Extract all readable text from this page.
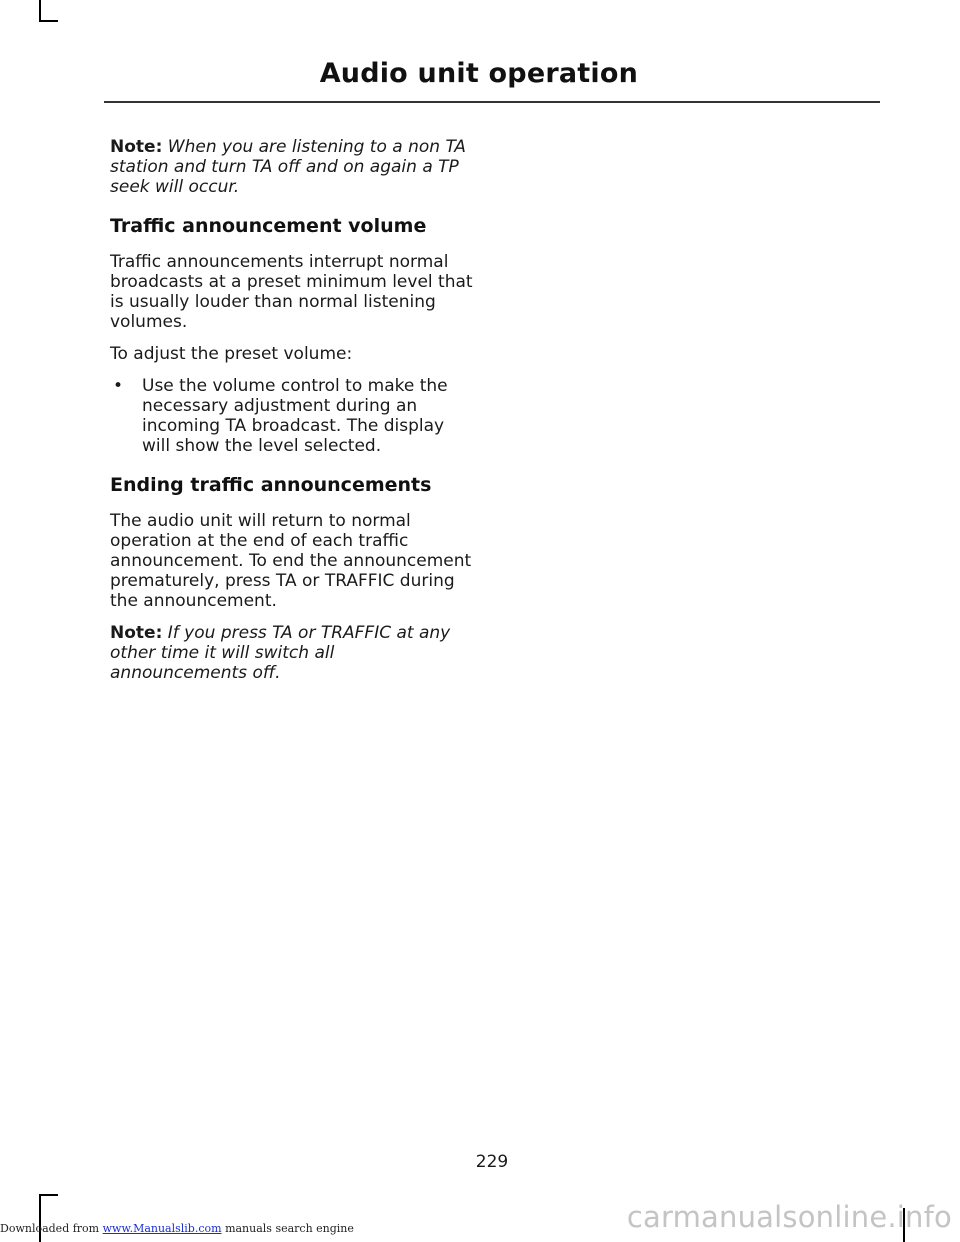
Audio unit operation

Note: When you are listening to a non TA station and turn TA off and on again a TP seek will occur.

Traffic announcement volume

Traffic announcements interrupt normal broadcasts at a preset minimum level that is usually louder than normal listening volumes.

To adjust the preset volume:

• Use the volume control to make the necessary adjustment during an incoming TA broadcast. The display will show the level selected.
Ending traffic announcements

The audio unit will return to normal operation at the end of each traffic announcement. To end the announcement prematurely, press TA or TRAFFIC during the announcement.

Note: If you press TA or TRAFFIC at any other time it will switch all announcements off.

229
Downloaded from www.Manualslib.com manuals search engine	carmanualsonline.info
